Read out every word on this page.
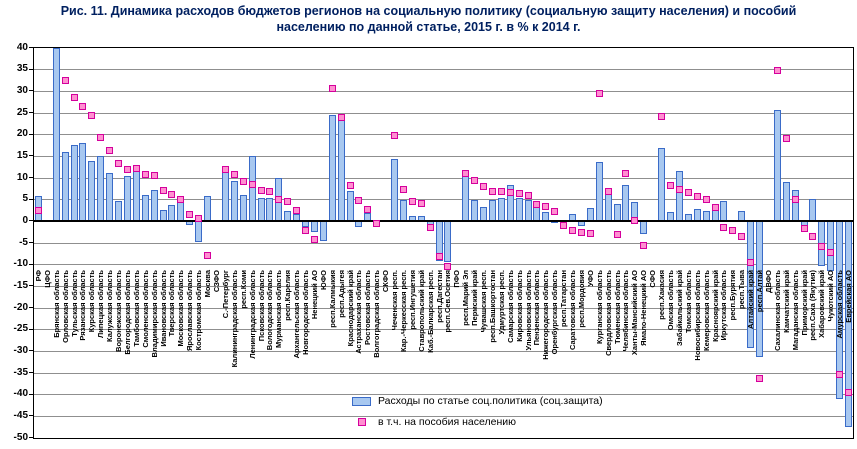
Рис. 11. Динамика расходов бюджетов регионов на социальную политику (социальную защиту населения) и пособий населению по данной статье, 2015 г. в % к 2014 г.
РФ ЦФО Брянская область Орловская область Тульская область Рязанская область Курская область Липецкая область Калужская область Воронежская область Белгородская область Тамбовская область Смоленская область Владимирская область Ивановская область Тверская область Московская область Ярославская область Костромская область Москва СЗФО С.-Петербург Калининградская область респ.Коми Ленинградская область Псковская область Вологодская область Мурманская область респ.Карелия Архангельская область Новгородская область Ненецкий АО ЮФО респ.Калмыкия респ.Адыгея Краснодарский край Астраханская область Ростовская область Волгоградская область СКФО Чеченская респ. Кар.-Черкесская респ. респ.Ингушетия Ставропольский край Каб.-Балкарская респ. респ.Дагестан респ.Сев.Осетия ПФО респ.Марий Эл Пермский край Чувашская респ. респ.Башкортостан Удмуртская респ. Самарская область Кировская область Ульяновская область Пензенская область Нижегородская область Оренбургская область респ.Татарстан Саратовская область респ.Мордовия УФО Курганская область Свердловская область Тюменская область Челябинская область Ханты-Мансийский АО Ямало-Ненецкий АО СФО респ.Хакасия Омская область Забайкальский край Томская область Новосибирская область Кемеровская область Красноярский край Иркутская область респ.Бурятия респ.Тыва Алтайский край респ.Алтай ДВФО Сахалинская область Камчатский край Магаданская область Приморский край респ.Саха (Якутия) Хабаровский край Чукотский АО Амурская область Еврейская АО
Расходы по статье соц.политика (соц.защита)
в т.ч. на пособия населению
40
35
30
25
20
15
10
5
0
-5
-10
-15
-20
-25
-30
-35
-40
-45
-50
